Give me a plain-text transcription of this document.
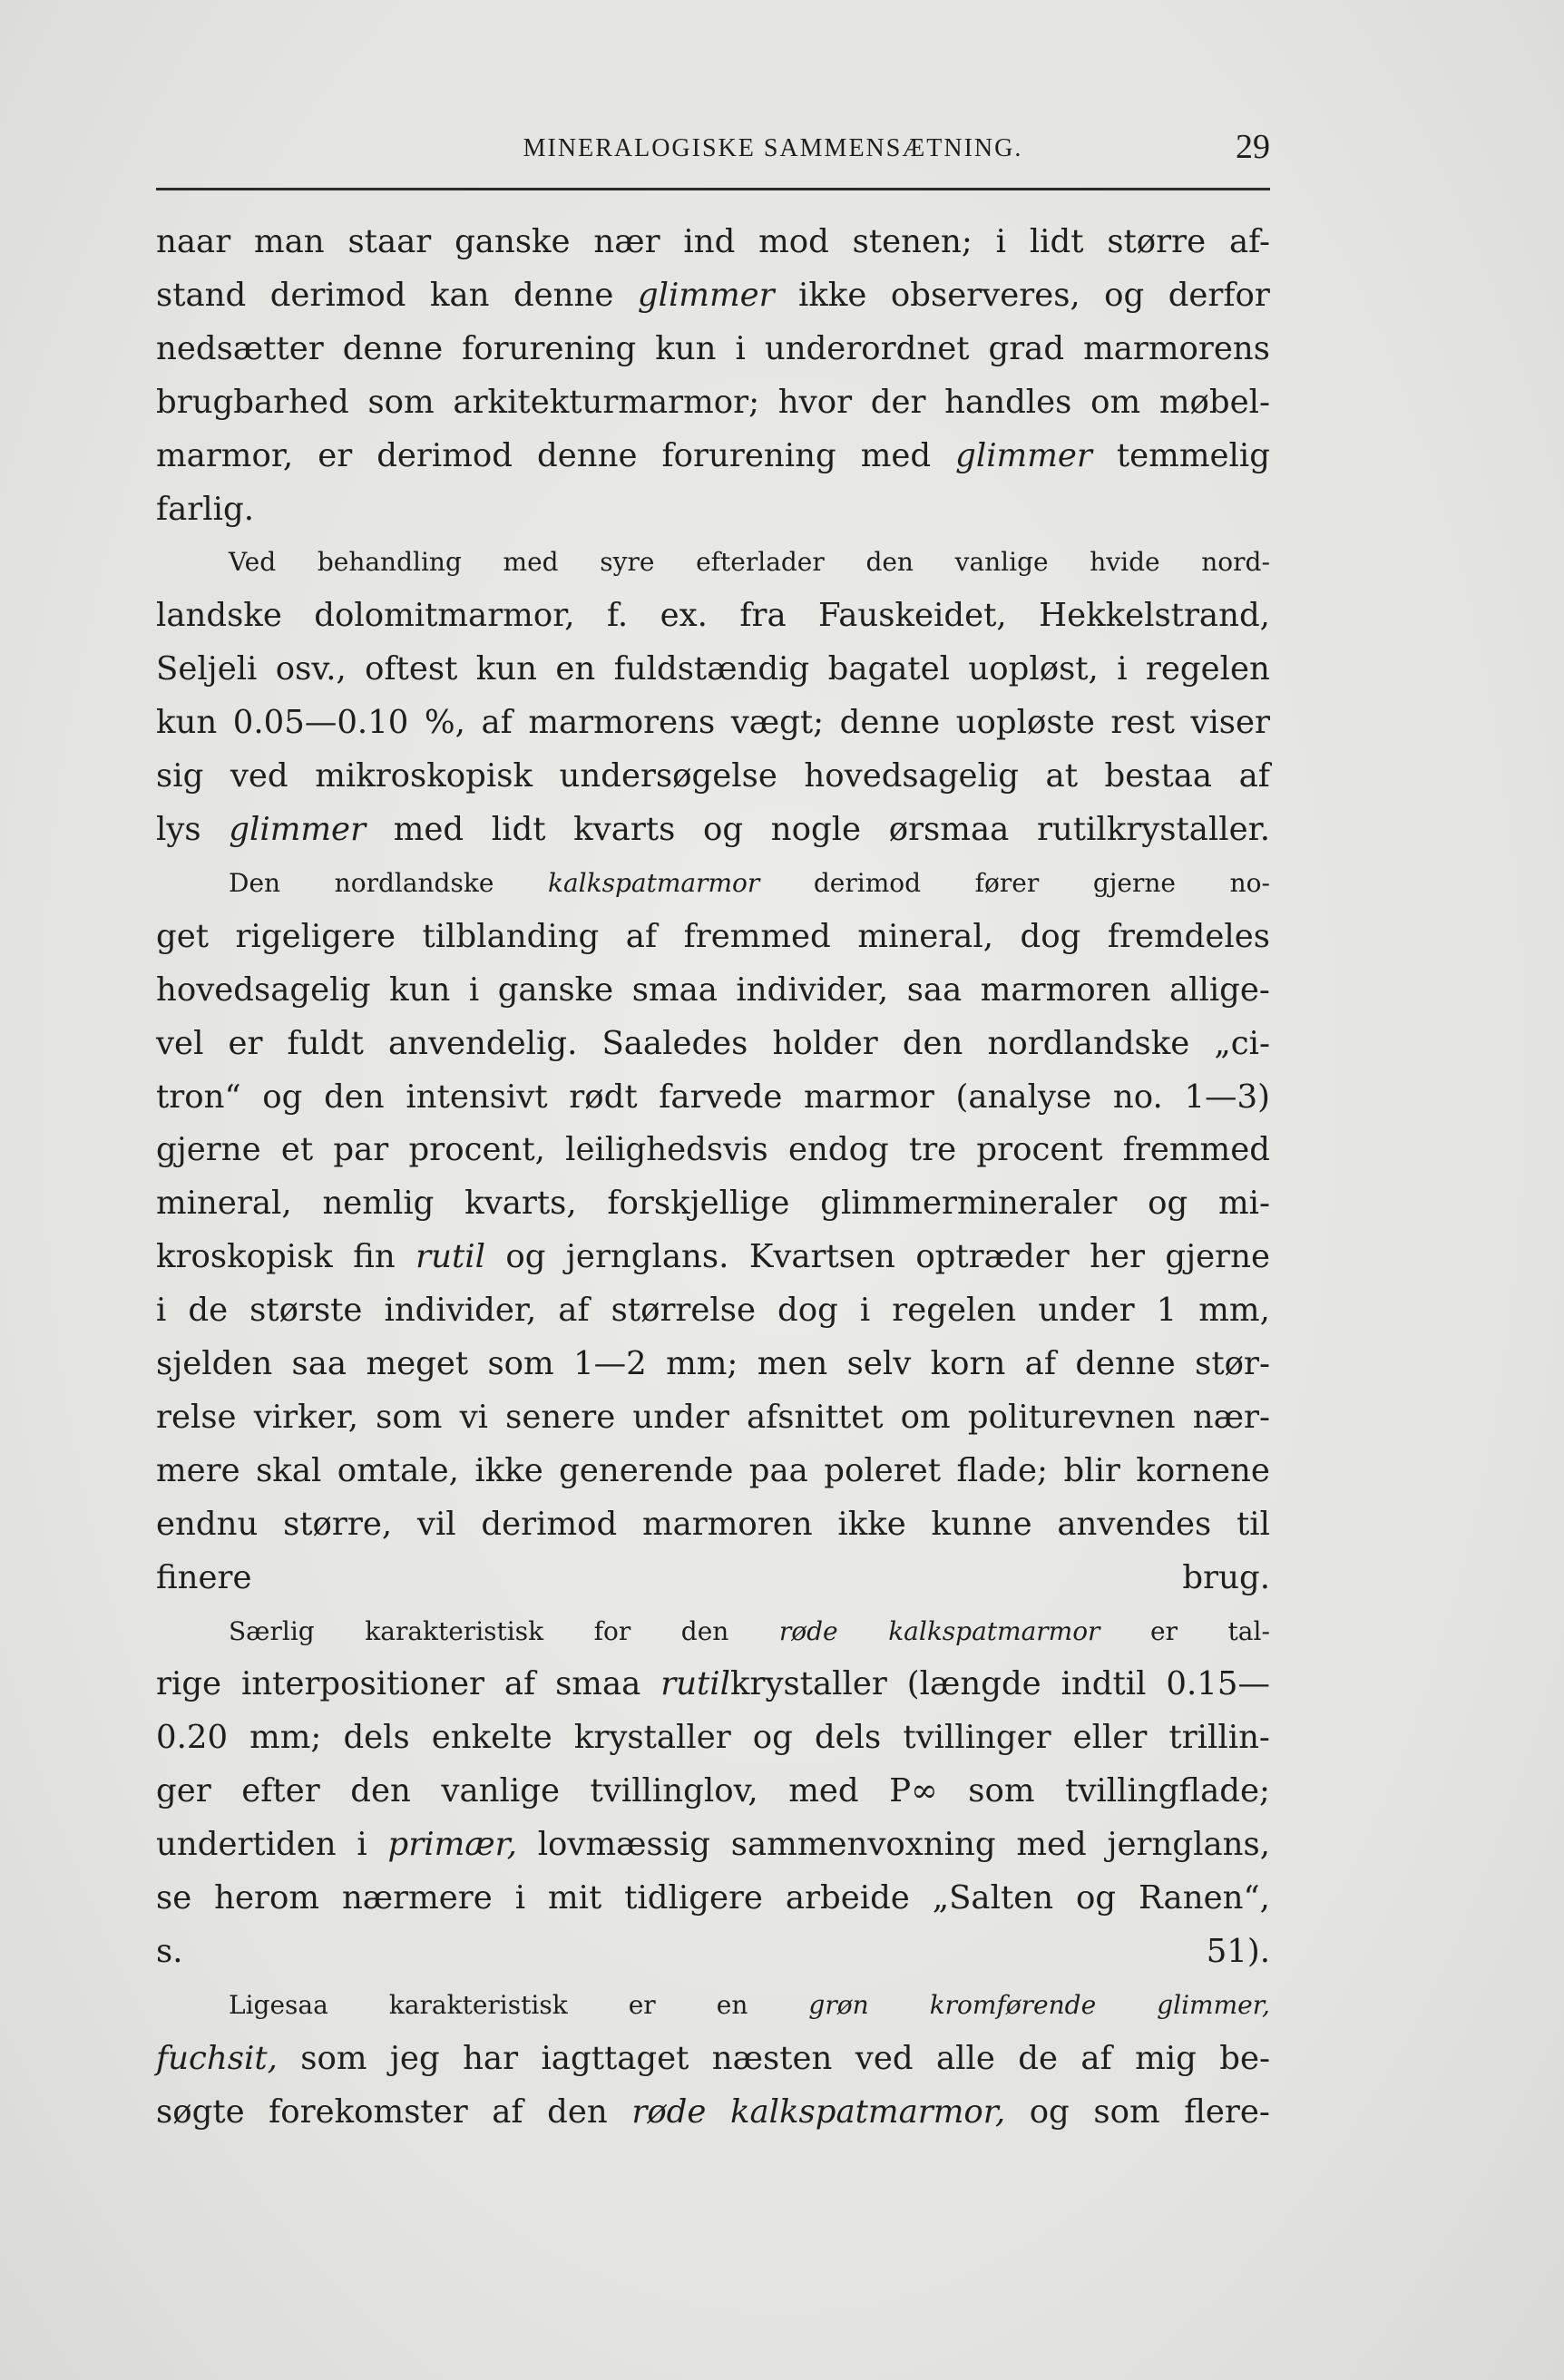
MINERALOGISKE SAMMENSÆTNING.	29
naar man staar ganske nær ind mod stenen; i lidt større af-
stand derimod kan denne glimmer ikke observeres, og derfor
nedsætter denne forurening kun i underordnet grad marmorens
brugbarhed som arkitekturmarmor; hvor der handles om møbel-
marmor, er derimod denne forurening med glimmer temmelig
farlig.
Ved behandling med syre efterlader den vanlige hvide nord-
landske dolomitmarmor, f. ex. fra Fauskeidet, Hekkelstrand,
Seljeli osv., oftest kun en fuldstændig bagatel uopløst, i regelen
kun 0.05—0.10 %, af marmorens vægt; denne uopløste rest viser
sig ved mikroskopisk undersøgelse hovedsagelig at bestaa af
lys glimmer med lidt kvarts og nogle ørsmaa rutilkrystaller.
Den nordlandske kalkspatmarmor derimod fører gjerne no-
get rigeligere tilblanding af fremmed mineral, dog fremdeles
hovedsagelig kun i ganske smaa individer, saa marmoren allige-
vel er fuldt anvendelig. Saaledes holder den nordlandske „ci-
tron“ og den intensivt rødt farvede marmor (analyse no. 1—3)
gjerne et par procent, leilighedsvis endog tre procent fremmed
mineral, nemlig kvarts, forskjellige glimmermineraler og mi-
kroskopisk fin rutil og jernglans. Kvartsen optræder her gjerne
i de største individer, af størrelse dog i regelen under 1 mm,
sjelden saa meget som 1—2 mm; men selv korn af denne stør-
relse virker, som vi senere under afsnittet om politurevnen nær-
mere skal omtale, ikke generende paa poleret flade; blir kornene
endnu større, vil derimod marmoren ikke kunne anvendes til
finere	brug.
Særlig karakteristisk for den røde kalkspatmarmor er tal-
rige interpositioner af smaa rutilkrystaller (længde indtil 0.15—
0.20 mm; dels enkelte krystaller og dels tvillinger eller trillin-
ger efter den vanlige tvillinglov, med P∞ som tvillingflade;
undertiden i primær, lovmæssig sammenvoxning med jernglans,
se herom nærmere i mit tidligere arbeide „Salten og Ranen“,
s.	51).
Ligesaa karakteristisk er en grøn kromførende glimmer,
fuchsit, som jeg har iagttaget næsten ved alle de af mig be-
søgte forekomster af den røde kalkspatmarmor, og som flere-
